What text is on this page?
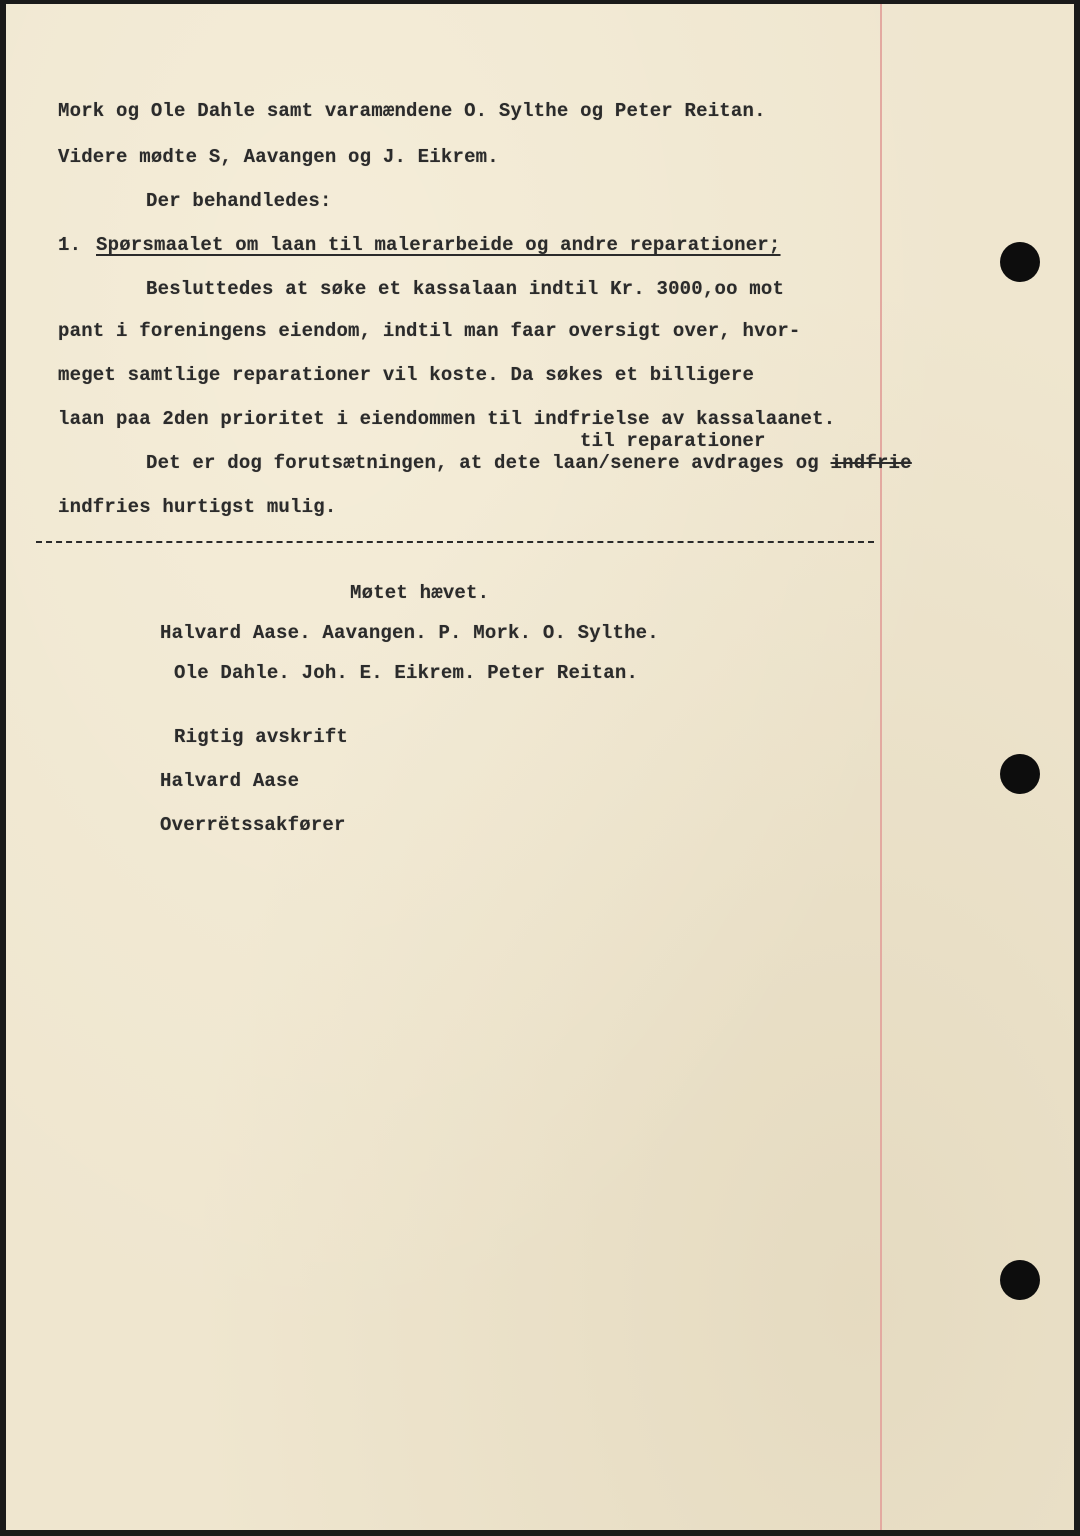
Mork og Ole Dahle samt varamændene O. Sylthe og Peter Reitan.
Videre mødte S, Aavangen og J. Eikrem.
Der behandledes:
1. Spørsmaalet om laan til malerarbeide og andre reparationer;
Besluttedes at søke et kassalaan indtil Kr. 3000,oo mot
pant i foreningens eiendom, indtil man faar oversigt over, hvor-
meget samtlige reparationer vil koste. Da søkes et billigere
laan paa 2den prioritet i eiendommen til indfrielse av kassalaanet.
til reparationer
Det er dog forutsætningen, at dete laan/senere avdrages og indfrie
indfries hurtigst mulig.
Møtet hævet.
Halvard Aase. Aavangen. P. Mork. O. Sylthe.
Ole Dahle. Joh. E. Eikrem. Peter Reitan.
Rigtig avskrift
Halvard Aase
Overrëtssakfører
